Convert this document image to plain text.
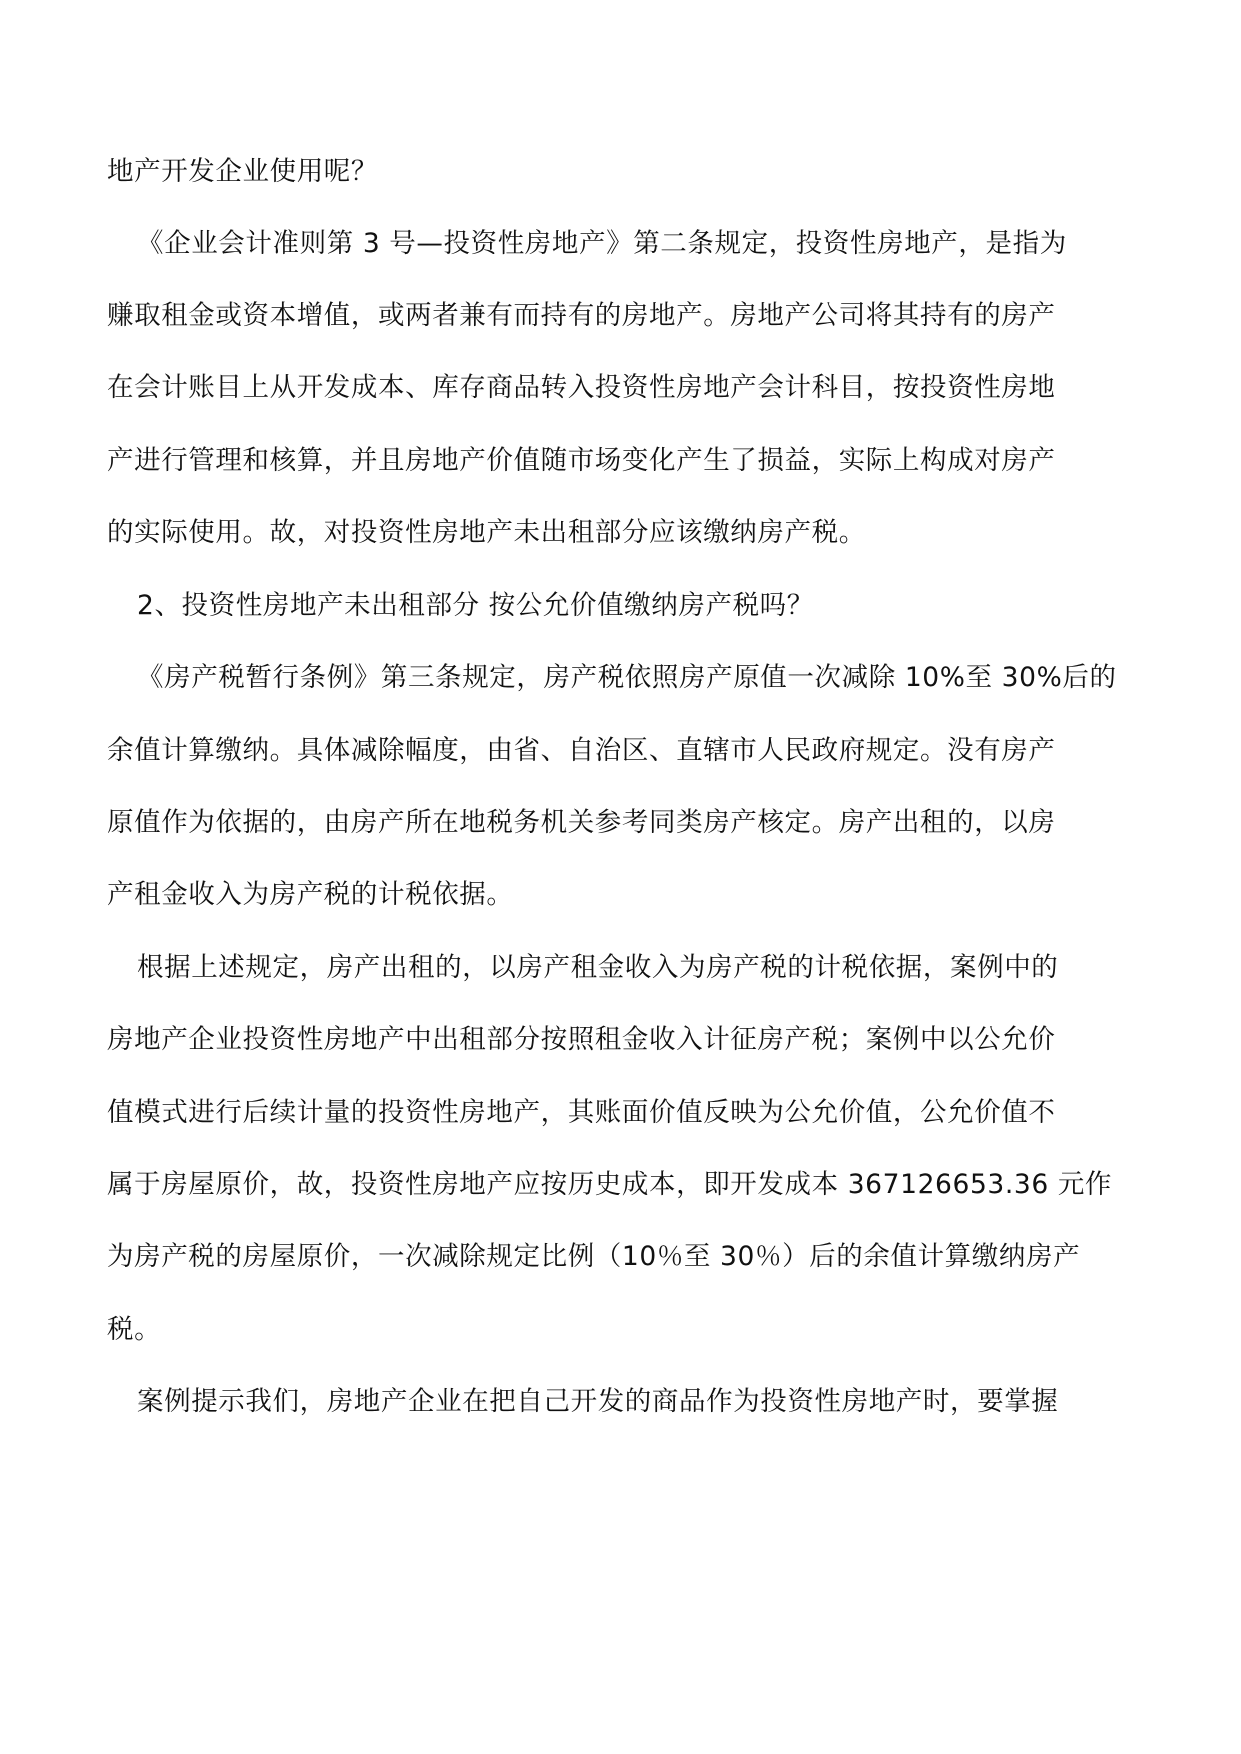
地产开发企业使用呢？
《企业会计准则第 3 号—投资性房地产》第二条规定，投资性房地产，是指为
赚取租金或资本增值，或两者兼有而持有的房地产。房地产公司将其持有的房产
在会计账目上从开发成本、库存商品转入投资性房地产会计科目，按投资性房地
产进行管理和核算，并且房地产价值随市场变化产生了损益，实际上构成对房产
的实际使用。故，对投资性房地产未出租部分应该缴纳房产税。
2、投资性房地产未出租部分 按公允价值缴纳房产税吗？
《房产税暂行条例》第三条规定，房产税依照房产原值一次减除 10%至 30%后的
余值计算缴纳。具体减除幅度，由省、自治区、直辖市人民政府规定。没有房产
原值作为依据的，由房产所在地税务机关参考同类房产核定。房产出租的，以房
产租金收入为房产税的计税依据。
根据上述规定，房产出租的，以房产租金收入为房产税的计税依据，案例中的
房地产企业投资性房地产中出租部分按照租金收入计征房产税；案例中以公允价
值模式进行后续计量的投资性房地产，其账面价值反映为公允价值，公允价值不
属于房屋原价，故，投资性房地产应按历史成本，即开发成本 367126653.36 元作
为房产税的房屋原价，一次减除规定比例（10％至 30％）后的余值计算缴纳房产
税。
案例提示我们，房地产企业在把自己开发的商品作为投资性房地产时，要掌握
